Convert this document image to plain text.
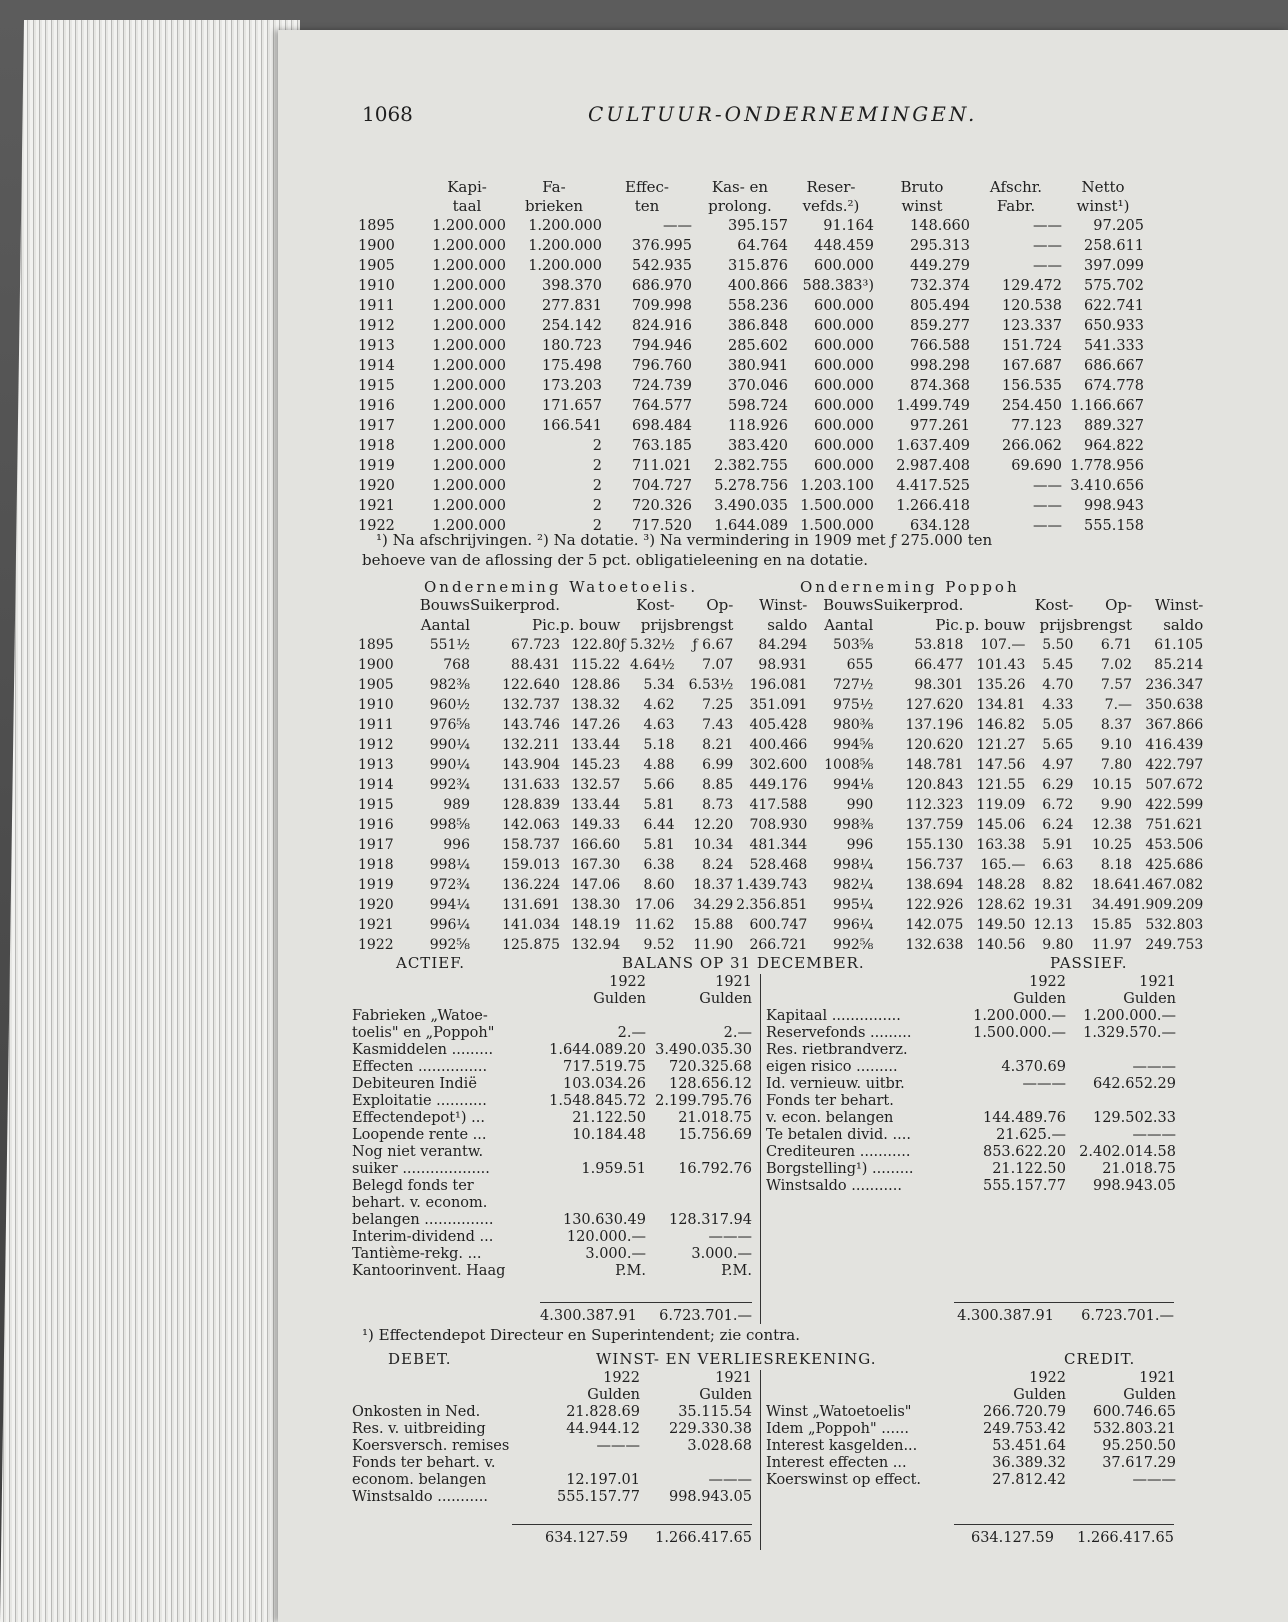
1068	CULTUUR-ONDERNEMINGEN.
	Kapi-	Fa-	Effec-	Kas- en	Reser-	Bruto	Afschr.	Netto
	taal	brieken	ten	prolong.	vefds.²)	winst	Fabr.	winst¹)
1895	1.200.000	1.200.000	——	395.157	91.164	148.660	——	97.205
1900	1.200.000	1.200.000	376.995	64.764	448.459	295.313	——	258.611
1905	1.200.000	1.200.000	542.935	315.876	600.000	449.279	——	397.099
1910	1.200.000	398.370	686.970	400.866	588.383³)	732.374	129.472	575.702
1911	1.200.000	277.831	709.998	558.236	600.000	805.494	120.538	622.741
1912	1.200.000	254.142	824.916	386.848	600.000	859.277	123.337	650.933
1913	1.200.000	180.723	794.946	285.602	600.000	766.588	151.724	541.333
1914	1.200.000	175.498	796.760	380.941	600.000	998.298	167.687	686.667
1915	1.200.000	173.203	724.739	370.046	600.000	874.368	156.535	674.778
1916	1.200.000	171.657	764.577	598.724	600.000	1.499.749	254.450	1.166.667
1917	1.200.000	166.541	698.484	118.926	600.000	977.261	77.123	889.327
1918	1.200.000	2	763.185	383.420	600.000	1.637.409	266.062	964.822
1919	1.200.000	2	711.021	2.382.755	600.000	2.987.408	69.690	1.778.956
1920	1.200.000	2	704.727	5.278.756	1.203.100	4.417.525	——	3.410.656
1921	1.200.000	2	720.326	3.490.035	1.500.000	1.266.418	——	998.943
1922	1.200.000	2	717.520	1.644.089	1.500.000	634.128	——	555.158
¹) Na afschrijvingen. ²) Na dotatie. ³) Na vermindering in 1909 met ƒ 275.000 ten
behoeve van de aflossing der 5 pct. obligatieleening en na dotatie.
Onderneming Watoetoelis.	Onderneming Poppoh
	Bouws	Suikerprod.		Kost-	Op-	Winst-	Bouws	Suikerprod.		Kost-	Op-	Winst-
	Aantal	Pic.	p. bouw	prijs	brengst	saldo	Aantal	Pic.	p. bouw	prijs	brengst	saldo
1895	551½	67.723	122.80	ƒ 5.32½	ƒ 6.67	84.294	503⅝	53.818	107.—	5.50	6.71	61.105
1900	768	88.431	115.22	4.64½	7.07	98.931	655	66.477	101.43	5.45	7.02	85.214
1905	982⅜	122.640	128.86	5.34	6.53½	196.081	727½	98.301	135.26	4.70	7.57	236.347
1910	960½	132.737	138.32	4.62	7.25	351.091	975½	127.620	134.81	4.33	7.—	350.638
1911	976⅝	143.746	147.26	4.63	7.43	405.428	980⅜	137.196	146.82	5.05	8.37	367.866
1912	990¼	132.211	133.44	5.18	8.21	400.466	994⅝	120.620	121.27	5.65	9.10	416.439
1913	990¼	143.904	145.23	4.88	6.99	302.600	1008⅝	148.781	147.56	4.97	7.80	422.797
1914	992¾	131.633	132.57	5.66	8.85	449.176	994⅛	120.843	121.55	6.29	10.15	507.672
1915	989	128.839	133.44	5.81	8.73	417.588	990	112.323	119.09	6.72	9.90	422.599
1916	998⅝	142.063	149.33	6.44	12.20	708.930	998⅜	137.759	145.06	6.24	12.38	751.621
1917	996	158.737	166.60	5.81	10.34	481.344	996	155.130	163.38	5.91	10.25	453.506
1918	998¼	159.013	167.30	6.38	8.24	528.468	998¼	156.737	165.—	6.63	8.18	425.686
1919	972¾	136.224	147.06	8.60	18.37	1.439.743	982¼	138.694	148.28	8.82	18.64	1.467.082
1920	994¼	131.691	138.30	17.06	34.29	2.356.851	995¼	122.926	128.62	19.31	34.49	1.909.209
1921	996¼	141.034	148.19	11.62	15.88	600.747	996¼	142.075	149.50	12.13	15.85	532.803
1922	992⅝	125.875	132.94	9.52	11.90	266.721	992⅝	132.638	140.56	9.80	11.97	249.753
ACTIEF.	BALANS OP 31 DECEMBER.	PASSIEF.
	1922	1921
	Gulden	Gulden
Fabrieken „Watoe-		
toelis" en „Poppoh"	2.—	2.—
Kasmiddelen .........	1.644.089.20	3.490.035.30
Effecten ...............	717.519.75	720.325.68
Debiteuren Indië	103.034.26	128.656.12
Exploitatie ...........	1.548.845.72	2.199.795.76
Effectendepot¹) ...	21.122.50	21.018.75
Loopende rente ...	10.184.48	15.756.69
Nog niet verantw.		
suiker ...................	1.959.51	16.792.76
Belegd fonds ter		
behart. v. econom.		
belangen ...............	130.630.49	128.317.94
Interim-dividend ...	120.000.—	———
Tantième-rekg. ...	3.000.—	3.000.—
Kantoorinvent. Haag	P.M.	P.M.
	1922	1921
	Gulden	Gulden
Kapitaal ...............	1.200.000.—	1.200.000.—
Reservefonds .........	1.500.000.—	1.329.570.—
Res. rietbrandverz.		
eigen risico .........	4.370.69	———
Id. vernieuw. uitbr.	———	642.652.29
Fonds ter behart.		
v. econ. belangen	144.489.76	129.502.33
Te betalen divid. ....	21.625.—	———
Crediteuren ...........	853.622.20	2.402.014.58
Borgstelling¹) .........	21.122.50	21.018.75
Winstsaldo ...........	555.157.77	998.943.05
4.300.387.91	6.723.701.—	4.300.387.91	6.723.701.—
¹) Effectendepot Directeur en Superintendent; zie contra.
DEBET.	WINST- EN VERLIESREKENING.	CREDIT.
	1922	1921
	Gulden	Gulden
Onkosten in Ned.	21.828.69	35.115.54
Res. v. uitbreiding	44.944.12	229.330.38
Koersversch. remises	———	3.028.68
Fonds ter behart. v.		
econom. belangen	12.197.01	———
Winstsaldo ...........	555.157.77	998.943.05
	1922	1921
	Gulden	Gulden
Winst „Watoetoelis"	266.720.79	600.746.65
Idem „Poppoh" ......	249.753.42	532.803.21
Interest kasgelden...	53.451.64	95.250.50
Interest effecten ...	36.389.32	37.617.29
Koerswinst op effect.	27.812.42	———
634.127.59	1.266.417.65	634.127.59	1.266.417.65
